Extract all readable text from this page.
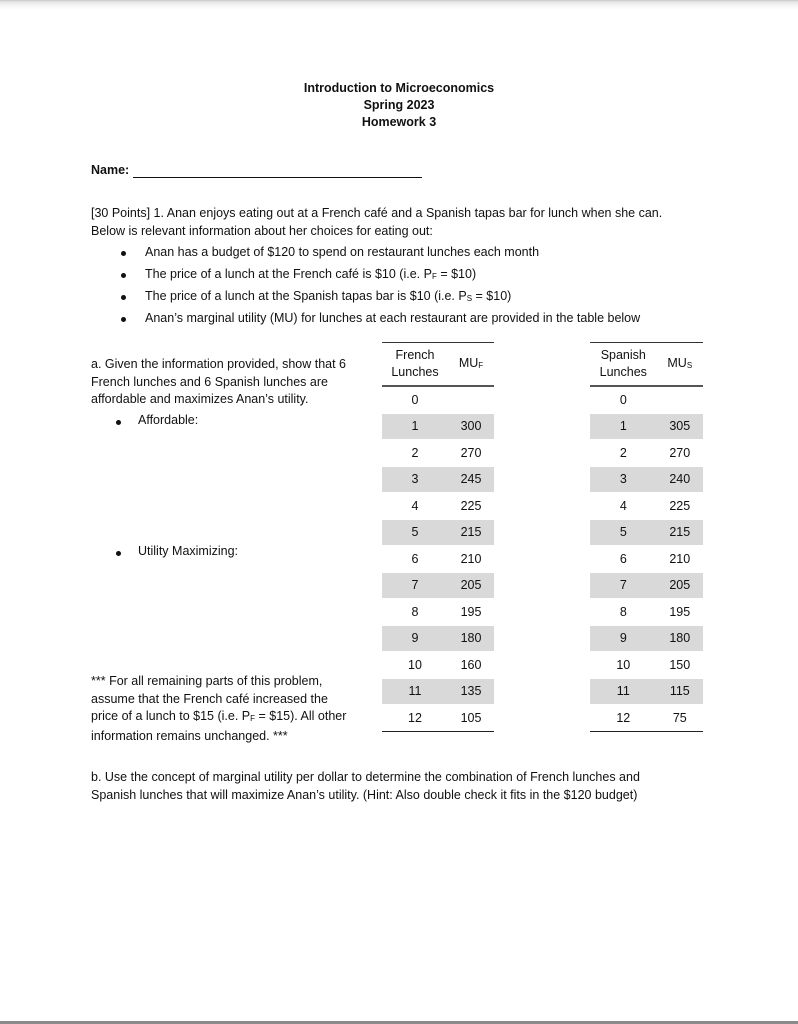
Introduction to Microeconomics
Spring 2023
Homework 3
Name:
[30 Points] 1. Anan enjoys eating out at a French café and a Spanish tapas bar for lunch when she can.
Below is relevant information about her choices for eating out:
Anan has a budget of $120 to spend on restaurant lunches each month
The price of a lunch at the French café is $10 (i.e. PF = $10)
The price of a lunch at the Spanish tapas bar is $10 (i.e. PS = $10)
Anan’s marginal utility (MU) for lunches at each restaurant are provided in the table below
a. Given the information provided, show that 6
French lunches and 6 Spanish lunches are
affordable and maximizes Anan’s utility.
Affordable:
Utility Maximizing:
*** For all remaining parts of this problem,
assume that the French café increased the
price of a lunch to $15 (i.e. PF = $15). All other
information remains unchanged. ***
b. Use the concept of marginal utility per dollar to determine the combination of French lunches and
Spanish lunches that will maximize Anan’s utility. (Hint: Also double check it fits in the $120 budget)
French
Lunches	MUF
0	
1	300
2	270
3	245
4	225
5	215
6	210
7	205
8	195
9	180
10	160
11	135
12	105
Spanish
Lunches	MUS
0	
1	305
2	270
3	240
4	225
5	215
6	210
7	205
8	195
9	180
10	150
11	115
12	75
